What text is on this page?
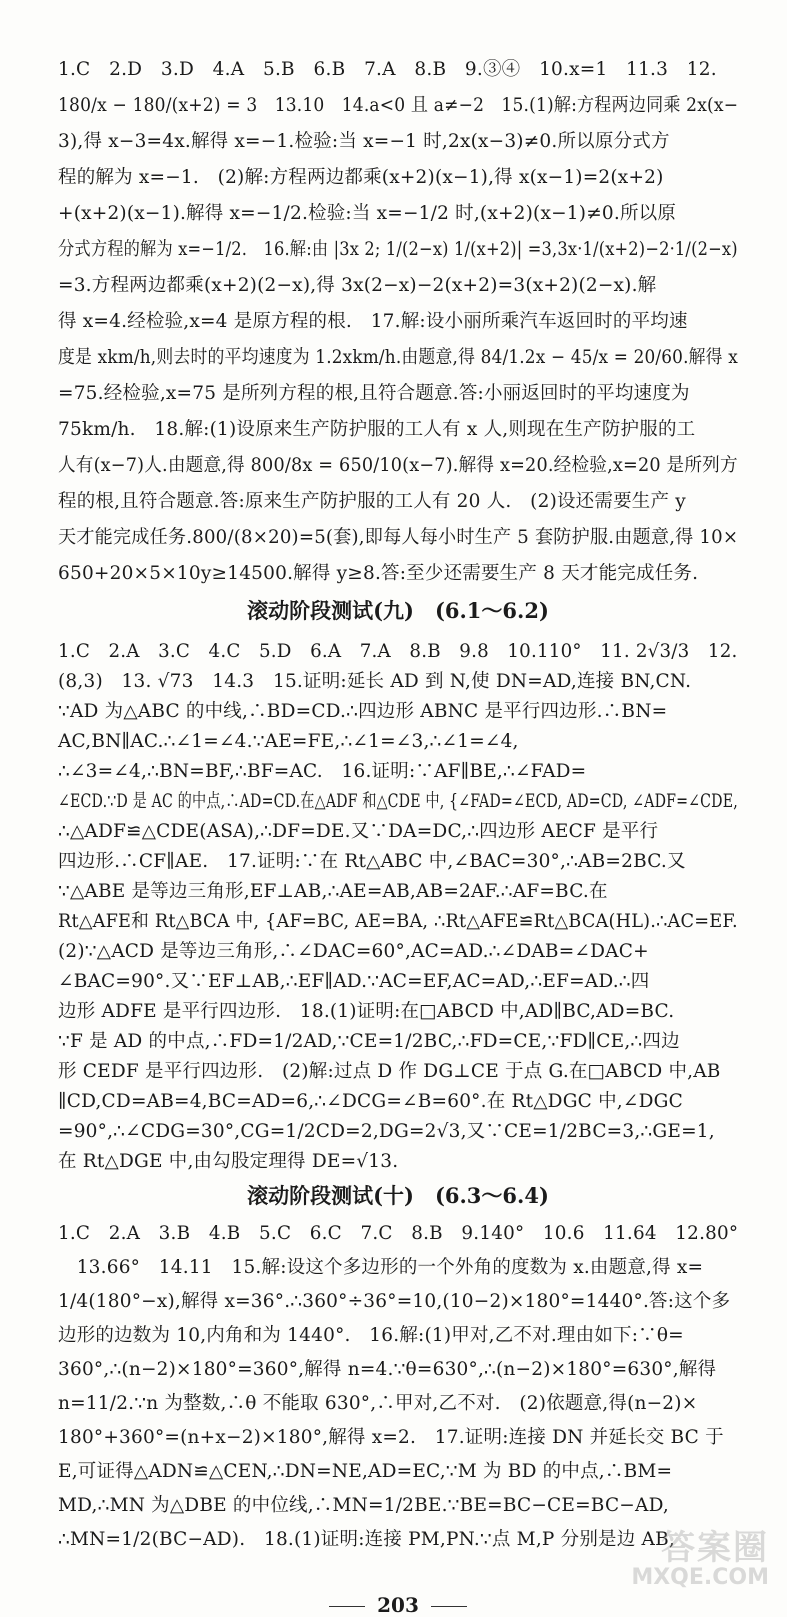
1.C　2.D　3.D　4.A　5.B　6.B　7.A　8.B　9.③④　10.x=1　11.3　12.
180/x − 180/(x+2) = 3　13.10　14.a<0 且 a≠−2　15.(1)解:方程两边同乘 2x(x−
3),得 x−3=4x.解得 x=−1.检验:当 x=−1 时,2x(x−3)≠0.所以原分式方
程的解为 x=−1.　(2)解:方程两边都乘(x+2)(x−1),得 x(x−1)=2(x+2)
+(x+2)(x−1).解得 x=−1/2.检验:当 x=−1/2 时,(x+2)(x−1)≠0.所以原
分式方程的解为 x=−1/2.　16.解:由 |3x 2; 1/(2−x) 1/(x+2)| =3,3x·1/(x+2)−2·1/(2−x)
=3.方程两边都乘(x+2)(2−x),得 3x(2−x)−2(x+2)=3(x+2)(2−x).解
得 x=4.经检验,x=4 是原方程的根.　17.解:设小丽所乘汽车返回时的平均速
度是 xkm/h,则去时的平均速度为 1.2xkm/h.由题意,得 84/1.2x − 45/x = 20/60.解得 x
=75.经检验,x=75 是所列方程的根,且符合题意.答:小丽返回时的平均速度为
75km/h.　18.解:(1)设原来生产防护服的工人有 x 人,则现在生产防护服的工
人有(x−7)人.由题意,得 800/8x = 650/10(x−7).解得 x=20.经检验,x=20 是所列方
程的根,且符合题意.答:原来生产防护服的工人有 20 人.　(2)设还需要生产 y
天才能完成任务.800/(8×20)=5(套),即每人每小时生产 5 套防护服.由题意,得 10×
650+20×5×10y≥14500.解得 y≥8.答:至少还需要生产 8 天才能完成任务.
滚动阶段测试(九)　(6.1～6.2)
1.C　2.A　3.C　4.C　5.D　6.A　7.A　8.B　9.8　10.110°　11. 2√3/3　12.
(8,3)　13. √73　14.3　15.证明:延长 AD 到 N,使 DN=AD,连接 BN,CN.
∵AD 为△ABC 的中线,∴BD=CD.∴四边形 ABNC 是平行四边形.∴BN=
AC,BN∥AC.∴∠1=∠4.∵AE=FE,∴∠1=∠3,∴∠1=∠4,
∴∠3=∠4,∴BN=BF,∴BF=AC.　16.证明:∵AF∥BE,∴∠FAD=
∠ECD.∵D 是 AC 的中点,∴AD=CD.在△ADF 和△CDE 中, {∠FAD=∠ECD, AD=CD, ∠ADF=∠CDE,
∴△ADF≌△CDE(ASA),∴DF=DE.又∵DA=DC,∴四边形 AECF 是平行
四边形.∴CF∥AE.　17.证明:∵在 Rt△ABC 中,∠BAC=30°,∴AB=2BC.又
∵△ABE 是等边三角形,EF⊥AB,∴AE=AB,AB=2AF.∴AF=BC.在
Rt△AFE和 Rt△BCA 中, {AF=BC, AE=BA, ∴Rt△AFE≌Rt△BCA(HL).∴AC=EF.
(2)∵△ACD 是等边三角形,∴∠DAC=60°,AC=AD.∴∠DAB=∠DAC+
∠BAC=90°.又∵EF⊥AB,∴EF∥AD.∵AC=EF,AC=AD,∴EF=AD.∴四
边形 ADFE 是平行四边形.　18.(1)证明:在□ABCD 中,AD∥BC,AD=BC.
∵F 是 AD 的中点,∴FD=1/2AD,∵CE=1/2BC,∴FD=CE,∵FD∥CE,∴四边
形 CEDF 是平行四边形.　(2)解:过点 D 作 DG⊥CE 于点 G.在□ABCD 中,AB
∥CD,CD=AB=4,BC=AD=6,∴∠DCG=∠B=60°.在 Rt△DGC 中,∠DGC
=90°,∴∠CDG=30°,CG=1/2CD=2,DG=2√3,又∵CE=1/2BC=3,∴GE=1,
在 Rt△DGE 中,由勾股定理得 DE=√13.
滚动阶段测试(十)　(6.3～6.4)
1.C　2.A　3.B　4.B　5.C　6.C　7.C　8.B　9.140°　10.6　11.64　12.80°
　13.66°　14.11　15.解:设这个多边形的一个外角的度数为 x.由题意,得 x=
1/4(180°−x),解得 x=36°.∴360°÷36°=10,(10−2)×180°=1440°.答:这个多
边形的边数为 10,内角和为 1440°.　16.解:(1)甲对,乙不对.理由如下:∵θ=
360°,∴(n−2)×180°=360°,解得 n=4.∵θ=630°,∴(n−2)×180°=630°,解得
n=11/2.∵n 为整数,∴θ 不能取 630°,∴甲对,乙不对.　(2)依题意,得(n−2)×
180°+360°=(n+x−2)×180°,解得 x=2.　17.证明:连接 DN 并延长交 BC 于
E,可证得△ADN≌△CEN,∴DN=NE,AD=EC,∵M 为 BD 的中点,∴BM=
MD,∴MN 为△DBE 的中位线,∴MN=1/2BE.∵BE=BC−CE=BC−AD,
∴MN=1/2(BC−AD).　18.(1)证明:连接 PM,PN.∵点 M,P 分别是边 AB,
203
答案圈
MXQE.COM
